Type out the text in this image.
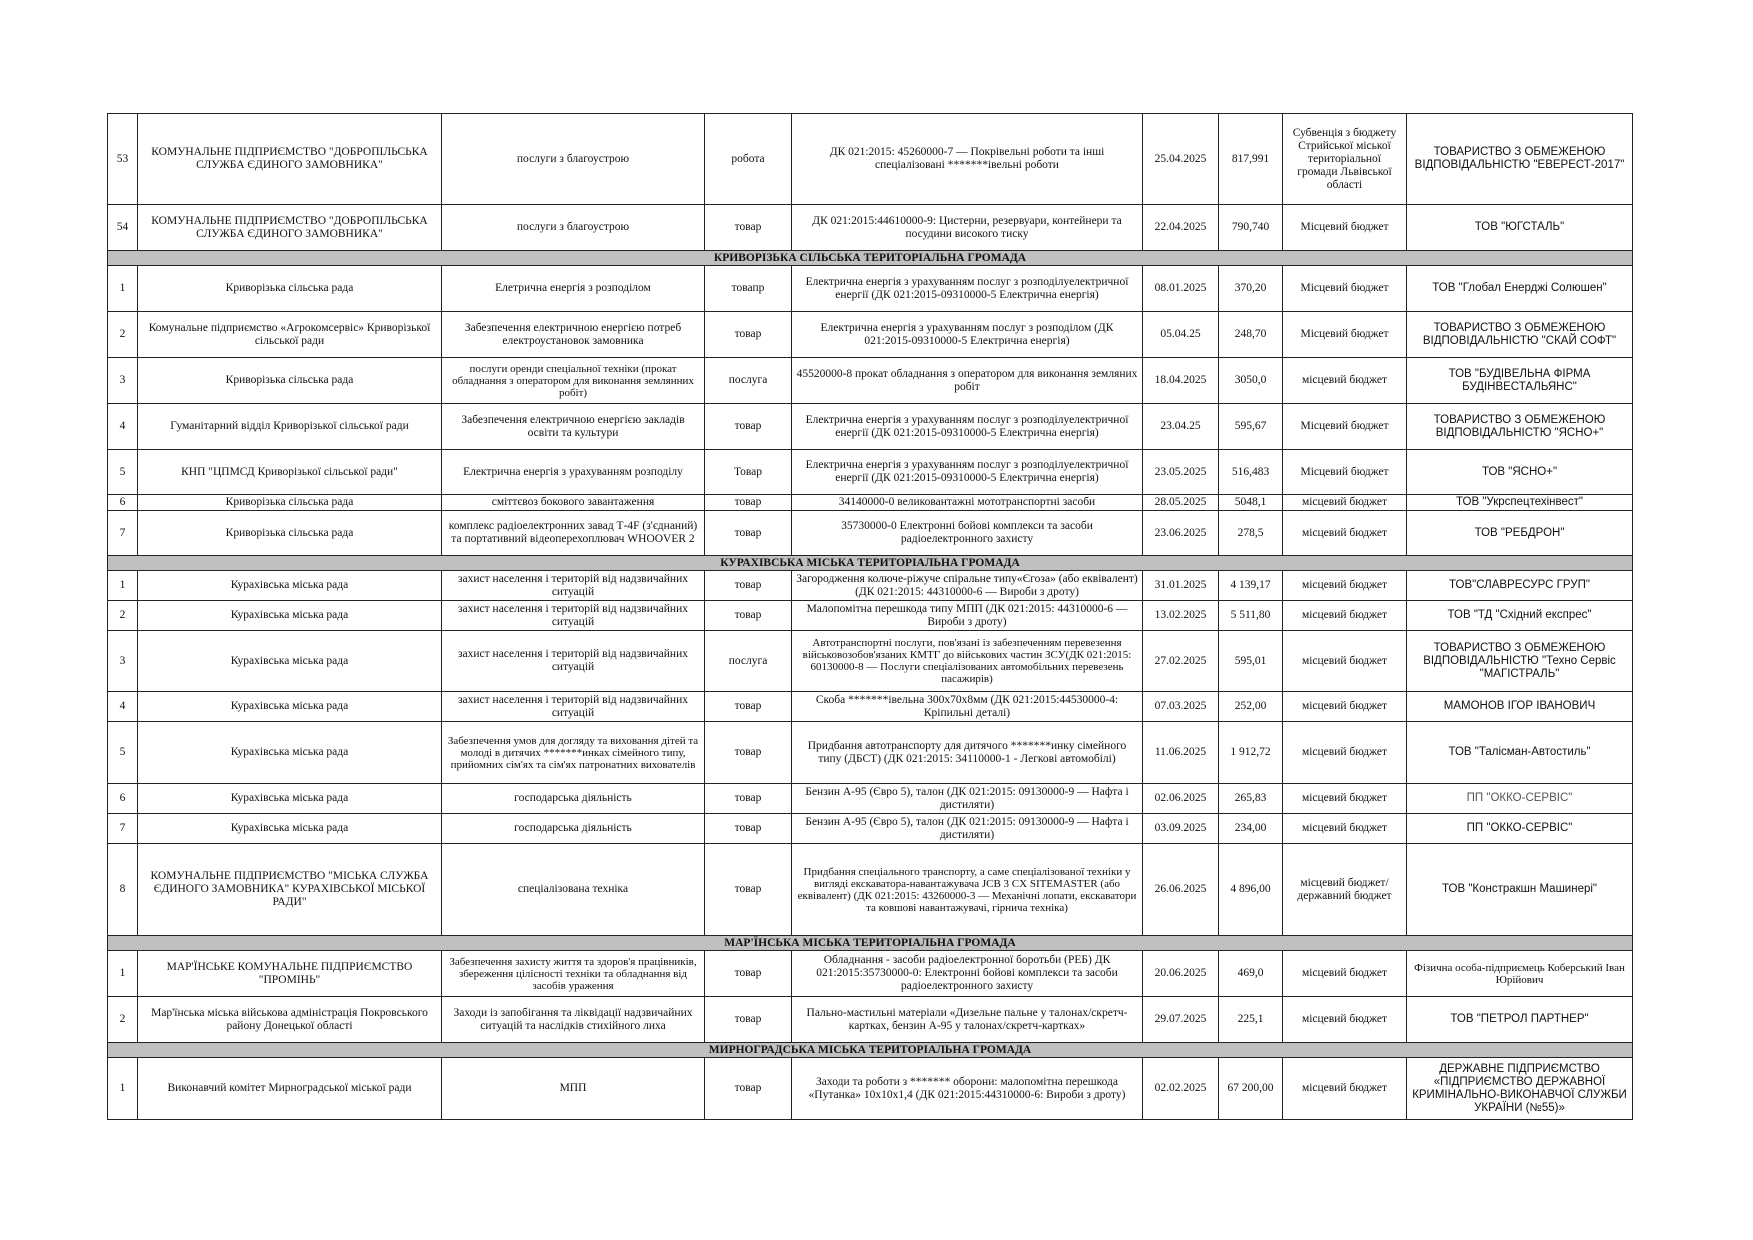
53	КОМУНАЛЬНЕ ПІДПРИЄМСТВО "ДОБРОПІЛЬСЬКА СЛУЖБА ЄДИНОГО ЗАМОВНИКА"	послуги з благоустрою	робота	ДК 021:2015: 45260000-7 — Покрівельні роботи та інші спеціалізовані *******івельні роботи	25.04.2025	817,991	Субвенція з бюджету Стрийської міської територіальної громади Львівської області	ТОВАРИСТВО З ОБМЕЖЕНОЮ ВІДПОВІДАЛЬНІСТЮ "ЕВЕРЕСТ-2017"
54	КОМУНАЛЬНЕ ПІДПРИЄМСТВО "ДОБРОПІЛЬСЬКА СЛУЖБА ЄДИНОГО ЗАМОВНИКА"	послуги з благоустрою	товар	ДК 021:2015:44610000-9: Цистерни, резервуари, контейнери та посудини високого тиску	22.04.2025	790,740	Місцевий бюджет	ТОВ "ЮГСТАЛЬ"
КРИВОРІЗЬКА СІЛЬСЬКА ТЕРИТОРІАЛЬНА ГРОМАДА								
1	Криворізька сільська рада	Елетрична енергія з розподілом	товапр	Електрична енергія з урахуванням послуг з розподілуелектричної енергії (ДК 021:2015-09310000-5 Електрична енергія)	08.01.2025	370,20	Місцевий бюджет	ТОВ "Глобал Енерджі Солюшен"
2	Комунальне підприємство «Агрокомсервіс» Криворізької сільської ради	Забезпечення електричною енергією потреб електроустановок замовника	товар	Електрична енергія з урахуванням послуг з розподілом (ДК 021:2015-09310000-5 Електрична енергія)	05.04.25	248,70	Місцевий бюджет	ТОВАРИСТВО З ОБМЕЖЕНОЮ ВІДПОВІДАЛЬНІСТЮ "СКАЙ СОФТ"
3	Криворізька сільська рада	послуги оренди спеціальної техніки (прокат обладнання з оператором для виконання землянних робіт)	послуга	45520000-8 прокат обладнання з оператором для виконання земляних робіт	18.04.2025	3050,0	місцевий бюджет	ТОВ "БУДІВЕЛЬНА ФІРМА БУДІНВЕСТАЛЬЯНС"
4	Гуманітарний відділ Криворізької сільської ради	Забезпечення електричною енергією закладів освіти та культури	товар	Електрична енергія з урахуванням послуг з розподілуелектричної енергії (ДК 021:2015-09310000-5 Електрична енергія)	23.04.25	595,67	Місцевий бюджет	ТОВАРИСТВО З ОБМЕЖЕНОЮ ВІДПОВІДАЛЬНІСТЮ "ЯСНО+"
5	КНП "ЦПМСД Криворізької сільської ради"	Електрична енергія з урахуванням розподілу	Товар	Електрична енергія з урахуванням послуг з розподілуелектричної енергії (ДК 021:2015-09310000-5 Електрична енергія)	23.05.2025	516,483	Місцевий бюджет	ТОВ "ЯСНО+"
6	Криворізька сільська рада	сміттєвоз бокового завантаження	товар	34140000-0 великовантажні мототранспортні засоби	28.05.2025	5048,1	місцевий бюджет	ТОВ "Укрспецтехінвест"
7	Криворізька сільська рада	комплекс радіоелектронних завад Т-4F (з'єднаний) та портативний відеоперехоплювач WHOOVER 2	товар	35730000-0 Електронні бойові комплекси та засоби радіоелектронного захисту	23.06.2025	278,5	місцевий бюджет	ТОВ "РЕБДРОН"
КУРАХІВСЬКА МІСЬКА ТЕРИТОРІАЛЬНА ГРОМАДА								
1	Курахівська міська рада	захист населення і територій від надзвичайних ситуацій	товар	Загородження колюче-ріжуче спіральне типу«Єгоза» (або еквівалент) (ДК 021:2015: 44310000-6 — Вироби з дроту)	31.01.2025	4 139,17	місцевий бюджет	ТОВ"СЛАВРЕСУРС ГРУП"
2	Курахівська міська рада	захист населення і територій від надзвичайних ситуацій	товар	Малопомітна перешкода типу МПП (ДК 021:2015: 44310000-6 — Вироби з дроту)	13.02.2025	5 511,80	місцевий бюджет	ТОВ "ТД "Східний експрес"
3	Курахівська міська рада	захист населення і територій від надзвичайних ситуацій	послуга	Автотранспортні послуги, пов'язані із забезпеченням перевезення військовозобов'язаних КМТГ до військових частин ЗСУ(ДК 021:2015: 60130000-8 — Послуги спеціалізованих автомобільних перевезень пасажирів)	27.02.2025	595,01	місцевий бюджет	ТОВАРИСТВО З ОБМЕЖЕНОЮ ВІДПОВІДАЛЬНІСТЮ "Техно Сервіс "МАГІСТРАЛЬ"
4	Курахівська міська рада	захист населення і територій від надзвичайних ситуацій	товар	Скоба *******івельна 300х70х8мм (ДК 021:2015:44530000-4: Кріпильні деталі)	07.03.2025	252,00	місцевий бюджет	МАМОНОВ ІГОР ІВАНОВИЧ
5	Курахівська міська рада	Забезпечення умов для догляду та виховання дітей та молоді в дитячих *******инках сімейного типу, прийомних сім'ях та сім'ях патронатних вихователів	товар	Придбання автотранспорту для дитячого *******инку сімейного типу (ДБСТ) (ДК 021:2015: 34110000-1 - Легкові автомобілі)	11.06.2025	1 912,72	місцевий бюджет	ТОВ "Талісман-Автостиль"
6	Курахівська міська рада	господарська діяльність	товар	Бензин А-95 (Євро 5), талон (ДК 021:2015: 09130000-9 — Нафта і дистиляти)	02.06.2025	265,83	місцевий бюджет	ПП "ОККО-СЕРВІС"
7	Курахівська міська рада	господарська діяльність	товар	Бензин А-95 (Євро 5), талон (ДК 021:2015: 09130000-9 — Нафта і дистиляти)	03.09.2025	234,00	місцевий бюджет	ПП "ОККО-СЕРВІС"
8	КОМУНАЛЬНЕ ПІДПРИЄМСТВО "МІСЬКА СЛУЖБА ЄДИНОГО ЗАМОВНИКА" КУРАХІВСЬКОЇ МІСЬКОЇ РАДИ"	спеціалізована техніка	товар	Придбання спеціального транспорту, а саме спеціалізованої техніки у вигляді екскаватора-навантажувача JCB 3 CX SITEMASTER (або еквівалент) (ДК 021:2015: 43260000-3 — Механічні лопати, екскаватори та ковшові навантажувачі, гірнича техніка)	26.06.2025	4 896,00	місцевий бюджет/державний бюджет	ТОВ "Констракшн Машинері"
МАР'ЇНСЬКА МІСЬКА ТЕРИТОРІАЛЬНА ГРОМАДА								
1	МАР'ЇНСЬКЕ КОМУНАЛЬНЕ ПІДПРИЄМСТВО "ПРОМІНЬ"	Забезпечення захисту життя та здоров'я працівників, збереження цілісності техніки та обладнання від засобів ураження	товар	Обладнання - засоби радіоелектронної боротьби (РЕБ) ДК 021:2015:35730000-0: Електронні бойові комплекси та засоби радіоелектронного захисту	20.06.2025	469,0	місцевий бюджет	Фізична особа-підприємець Коберський Іван Юрійович
2	Мар'їнська міська військова адміністрація Покровського району Донецької області	Заходи із запобігання та ліквідації надзвичайних ситуацій та наслідків стихійного лиха	товар	Пально-мастильні матеріали «Дизельне пальне у талонах/скретч-картках, бензин А-95 у талонах/скретч-картках»	29.07.2025	225,1	місцевий бюджет	ТОВ "ПЕТРОЛ ПАРТНЕР"
МИРНОГРАДСЬКА МІСЬКА ТЕРИТОРІАЛЬНА ГРОМАДА								
1	Виконавчий комітет Мирноградської міської ради	МПП	товар	Заходи та роботи з ******* оборони: малопомітна перешкода «Путанка» 10х10х1,4 (ДК 021:2015:44310000-6: Вироби з дроту)	02.02.2025	67 200,00	місцевий бюджет	ДЕРЖАВНЕ ПІДПРИЄМСТВО «ПІДПРИЄМСТВО ДЕРЖАВНОЇ КРИМІНАЛЬНО-ВИКОНАВЧОЇ СЛУЖБИ УКРАЇНИ (№55)»
